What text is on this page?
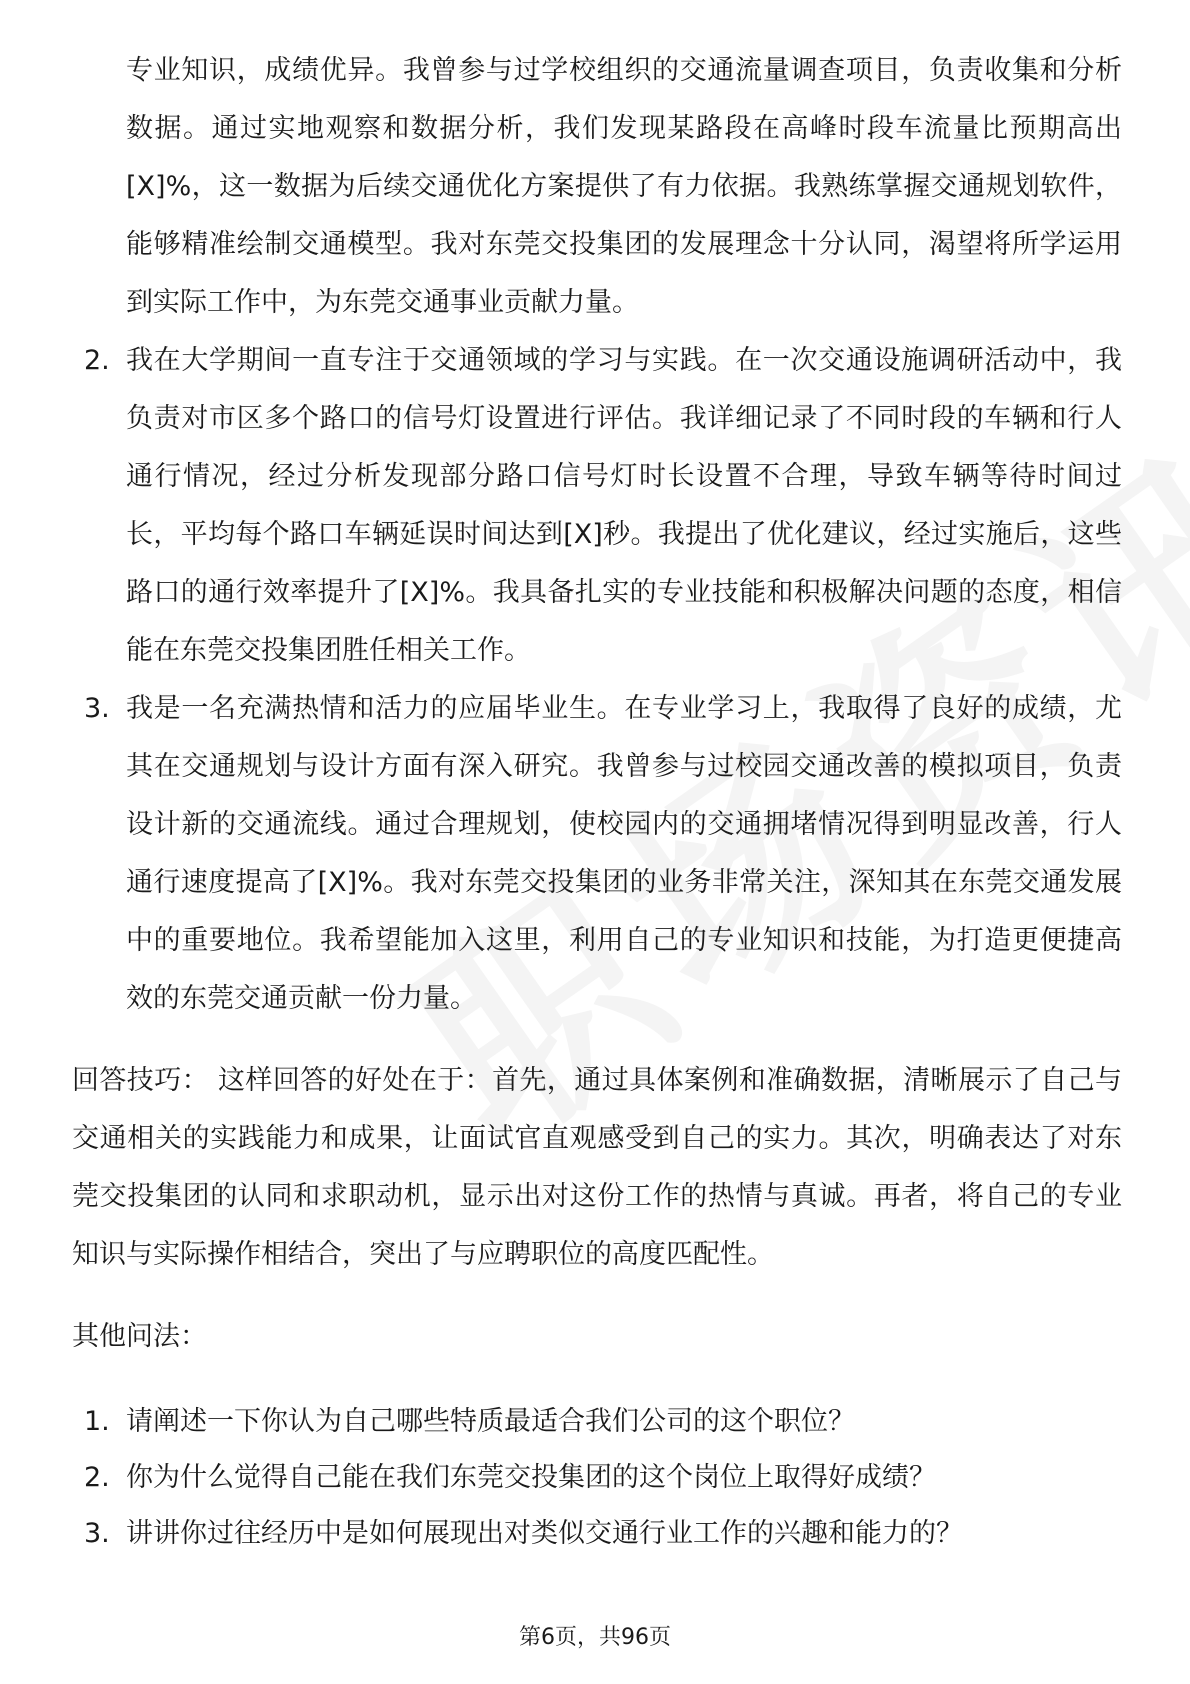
专业知识，成绩优异。我曾参与过学校组织的交通流量调查项目，负责收集和分析数据。通过实地观察和数据分析，我们发现某路段在高峰时段车流量比预期高出[X]%，这一数据为后续交通优化方案提供了有力依据。我熟练掌握交通规划软件，能够精准绘制交通模型。我对东莞交投集团的发展理念十分认同，渴望将所学运用到实际工作中，为东莞交通事业贡献力量。
2. 我在大学期间一直专注于交通领域的学习与实践。在一次交通设施调研活动中，我负责对市区多个路口的信号灯设置进行评估。我详细记录了不同时段的车辆和行人通行情况，经过分析发现部分路口信号灯时长设置不合理，导致车辆等待时间过长，平均每个路口车辆延误时间达到[X]秒。我提出了优化建议，经过实施后，这些路口的通行效率提升了[X]%。我具备扎实的专业技能和积极解决问题的态度，相信能在东莞交投集团胜任相关工作。
3. 我是一名充满热情和活力的应届毕业生。在专业学习上，我取得了良好的成绩，尤其在交通规划与设计方面有深入研究。我曾参与过校园交通改善的模拟项目，负责设计新的交通流线。通过合理规划，使校园内的交通拥堵情况得到明显改善，行人通行速度提高了[X]%。我对东莞交投集团的业务非常关注，深知其在东莞交通发展中的重要地位。我希望能加入这里，利用自己的专业知识和技能，为打造更便捷高效的东莞交通贡献一份力量。
回答技巧： 这样回答的好处在于：首先，通过具体案例和准确数据，清晰展示了自己与交通相关的实践能力和成果，让面试官直观感受到自己的实力。其次，明确表达了对东莞交投集团的认同和求职动机，显示出对这份工作的热情与真诚。再者，将自己的专业知识与实际操作相结合，突出了与应聘职位的高度匹配性。
其他问法：
1. 请阐述一下你认为自己哪些特质最适合我们公司的这个职位？
2. 你为什么觉得自己能在我们东莞交投集团的这个岗位上取得好成绩？
3. 讲讲你过往经历中是如何展现出对类似交通行业工作的兴趣和能力的？
第6页，共96页
